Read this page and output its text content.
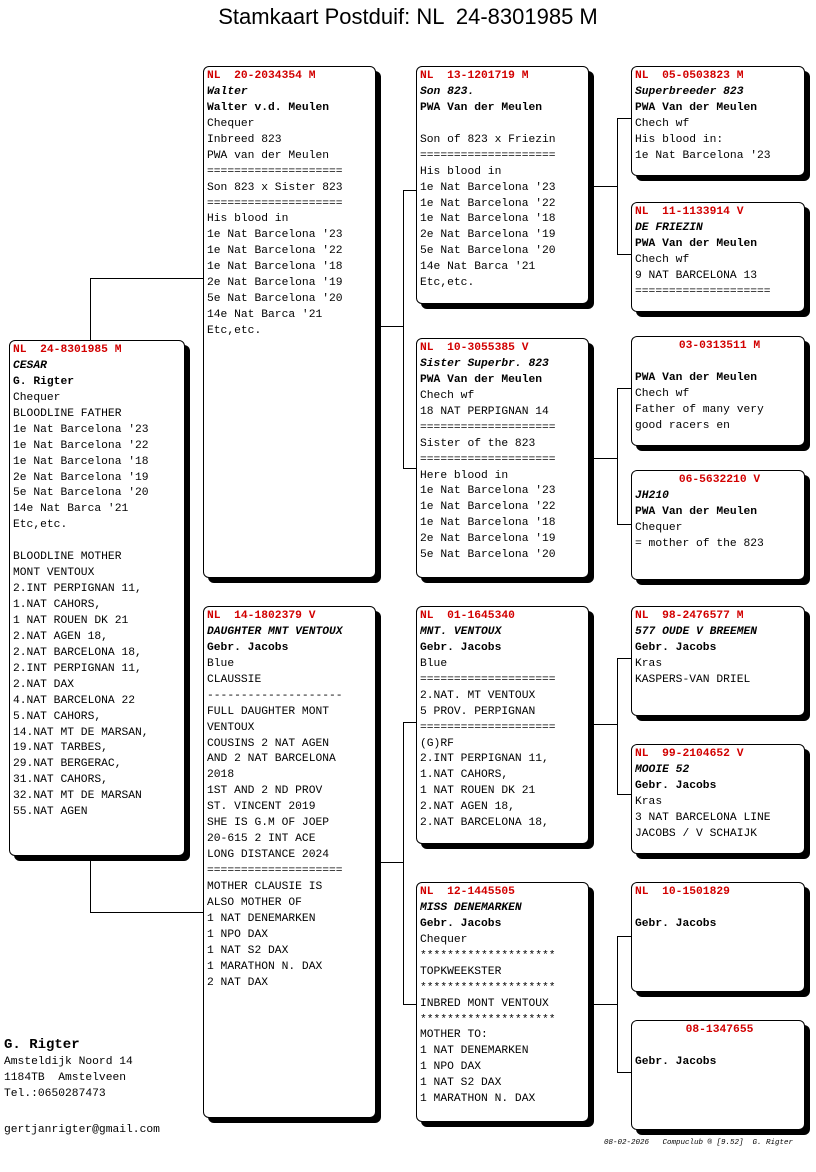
Stamkaart Postduif: NL  24-8301985 M
NL  24-8301985 M
CESAR
G. Rigter
Chequer
BLOODLINE FATHER
1e Nat Barcelona '23
1e Nat Barcelona '22
1e Nat Barcelona '18
2e Nat Barcelona '19
5e Nat Barcelona '20
14e Nat Barca '21
Etc,etc.
BLOODLINE MOTHER
MONT VENTOUX
2.INT PERPIGNAN 11,
1.NAT CAHORS,
1 NAT ROUEN DK 21
2.NAT AGEN 18,
2.NAT BARCELONA 18,
2.INT PERPIGNAN 11,
2.NAT DAX
4.NAT BARCELONA 22
5.NAT CAHORS,
14.NAT MT DE MARSAN,
19.NAT TARBES,
29.NAT BERGERAC,
31.NAT CAHORS,
32.NAT MT DE MARSAN
55.NAT AGEN
NL  20-2034354 M
Walter
Walter v.d. Meulen
Chequer
Inbreed 823
PWA van der Meulen
====================
Son 823 x Sister 823
====================
His blood in
1e Nat Barcelona '23
1e Nat Barcelona '22
1e Nat Barcelona '18
2e Nat Barcelona '19
5e Nat Barcelona '20
14e Nat Barca '21
Etc,etc.
NL  14-1802379 V
DAUGHTER MNT VENTOUX
Gebr. Jacobs
Blue
CLAUSSIE
--------------------
FULL DAUGHTER MONT
VENTOUX
COUSINS 2 NAT AGEN
AND 2 NAT BARCELONA
2018
1ST AND 2 ND PROV
ST. VINCENT 2019
SHE IS G.M OF JOEP
20-615 2 INT ACE
LONG DISTANCE 2024
====================
MOTHER CLAUSIE IS
ALSO MOTHER OF
1 NAT DENEMARKEN
1 NPO DAX
1 NAT S2 DAX
1 MARATHON N. DAX
2 NAT DAX
NL  13-1201719 M
Son 823.
PWA Van der Meulen
Son of 823 x Friezin
====================
His blood in
1e Nat Barcelona '23
1e Nat Barcelona '22
1e Nat Barcelona '18
2e Nat Barcelona '19
5e Nat Barcelona '20
14e Nat Barca '21
Etc,etc.
NL  10-3055385 V
Sister Superbr. 823
PWA Van der Meulen
Chech wf
18 NAT PERPIGNAN 14
====================
Sister of the 823
====================
Here blood in
1e Nat Barcelona '23
1e Nat Barcelona '22
1e Nat Barcelona '18
2e Nat Barcelona '19
5e Nat Barcelona '20
NL  01-1645340
MNT. VENTOUX
Gebr. Jacobs
Blue
====================
2.NAT. MT VENTOUX
5 PROV. PERPIGNAN
====================
(G)RF
2.INT PERPIGNAN 11,
1.NAT CAHORS,
1 NAT ROUEN DK 21
2.NAT AGEN 18,
2.NAT BARCELONA 18,
NL  12-1445505
MISS DENEMARKEN
Gebr. Jacobs
Chequer
********************
TOPKWEEKSTER
********************
INBRED MONT VENTOUX
********************
MOTHER TO:
1 NAT DENEMARKEN
1 NPO DAX
1 NAT S2 DAX
1 MARATHON N. DAX
NL  05-0503823 M
Superbreeder 823
PWA Van der Meulen
Chech wf
His blood in:
1e Nat Barcelona '23
NL  11-1133914 V
DE FRIEZIN
PWA Van der Meulen
Chech wf
9 NAT BARCELONA 13
====================
03-0313511 M
PWA Van der Meulen
Chech wf
Father of many very
good racers en
06-5632210 V
JH210
PWA Van der Meulen
Chequer
= mother of the 823
NL  98-2476577 M
577 OUDE V BREEMEN
Gebr. Jacobs
Kras
KASPERS-VAN DRIEL
NL  99-2104652 V
MOOIE 52
Gebr. Jacobs
Kras
3 NAT BARCELONA LINE
JACOBS / V SCHAIJK
NL  10-1501829
Gebr. Jacobs
08-1347655
Gebr. Jacobs
G. Rigter
Amsteldijk Noord 14
1184TB  Amstelveen
Tel.:0650287473
gertjanrigter@gmail.com
08-02-2026   Compuclub ® [9.52]  G. Rigter
